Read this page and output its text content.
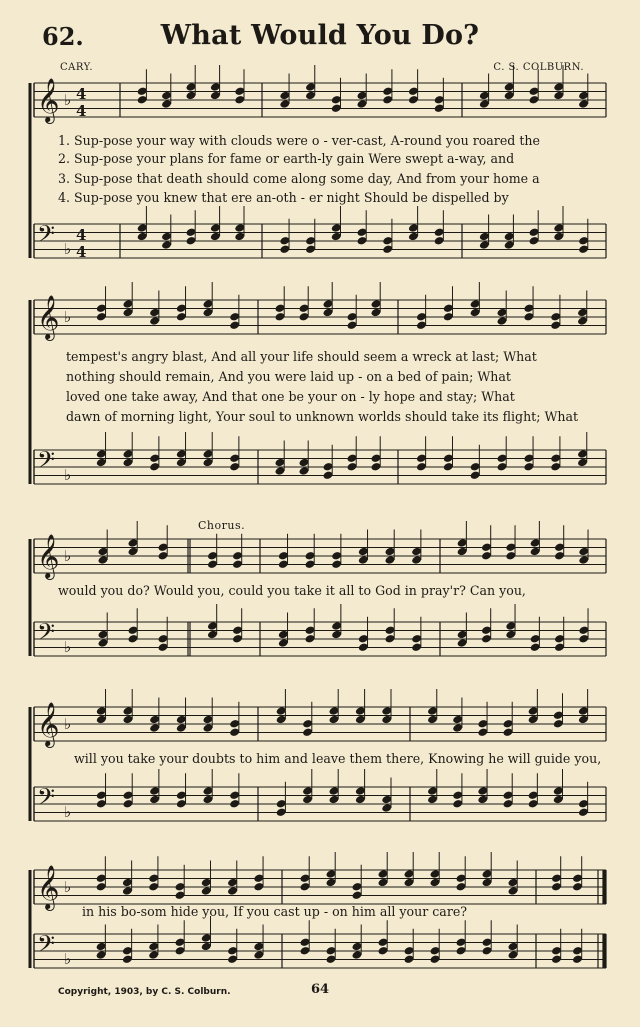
62.	What Would You Do?
CARY.	C. S. COLBURN.
𝄞 ♭ 4
4
1. Sup-pose your way with clouds were o - ver-cast, A-round you roared the
2. Sup-pose your plans for fame or earth-ly gain Were swept a-way, and
3. Sup-pose that death should come along some day, And from your home a
4. Sup-pose you knew that ere an-oth - er night Should be dispelled by
𝄢 ♭
4
4
𝄞 ♭
tempest's angry blast, And all your life should seem a wreck at last; What
nothing should remain, And you were laid up - on a bed of pain; What
loved one take away, And that one be your on - ly hope and stay; What
dawn of morning light, Your soul to unknown worlds should take its flight; What
𝄢 ♭
Chorus.
𝄞 ♭
would you do? Would you, could you take it all to God in pray'r? Can you,
𝄢 ♭
𝄞 ♭
will you take your doubts to him and leave them there, Knowing he will guide you,
𝄢 ♭
𝄞 ♭
in his bo-som hide you, If you cast up - on him all your care?
𝄢 ♭
Copyright, 1903, by C. S. Colburn.	64
